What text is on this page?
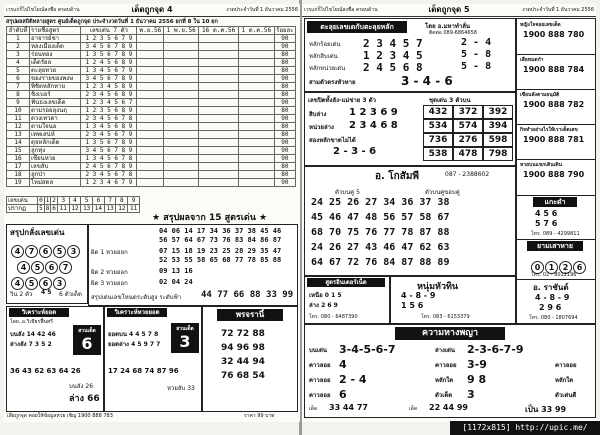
เวรแก่ก็ไปไขโยณ์ลงชื่อ ครอบด้าน	เด็ดถูกจุด 4	งวดประจำวันที่ 1 ธันวาคม 2556
สรุปผลสถิติหลายสูตร ศูนย์เด็ดถูกจุด ประจำงวดวันที่ 1 ธันวาคม 2556 ยกที่ 8 ใน 10 ยก
ลำดับที่	รายชื่อสูตร	เลขเด่น 7 ตัว	พ.ย.56	1 พ.ย.56	16 ต.ค.56	1 ต.ค.56	ร้อยละ
1	อาจารย์ชา	1 2 3 5 6 7 9					90
2	หลงเมืองเด็ด	3 4 5 6 7 8 9					90
3	ร่อนทอง	1 3 5 6 7 8 9					80
4	เด็ดรัยล	1 2 4 5 6 8 9					80
5	ตะลุยหวย	1 3 4 5 6 7 9					80
6	ของรายของพงษ	3 4 5 6 7 8 9					90
7	พิชิตหลักหาย	1 2 3 4 5 8 9					80
8	ชิงเบอร์	2 3 4 5 6 8 9					80
9	ฟันธงเลขเด็ด	1 2 3 4 5 6 7					90
10	ตามรอยลุงนฤ	1 2 3 5 6 8 9					80
11	ดวงเทวดา	2 3 4 5 6 7 8					90
12	ตามใจนอ	1 3 4 5 6 8 9					80
13	เทพเสน่ห์	2 3 4 5 6 7 9					80
14	ดุจหลักเด็ด	1 3 5 6 7 8 9					90
15	ลูกทุ่ง	3 4 5 6 7 8 9					90
16	เซียนหวย	1 3 4 5 6 7 8					90
17	เลขลับ	2 4 5 6 7 8 9					80
18	ลูกป่า	2 3 4 5 6 7 8					80
19	ไหม่สดล	1 2 3 4 6 7 9					90
เลขเด่น	0	1	2	3	4	5	6	7	8	9
ปรากฏ	5	8	6	11	12	13	14	13	12	11
★ สรุปผลจาก 15 สูตรเด่น ★
สรุปกลั่งเลขเด่น
4 7 6 5 3
4 5 6 7
4 5 6 3
วิน 2 ตัว 4 5 6 ตัวเด็ด
04 06 14 17 34 36 37 38 45 46
56 57 64 67 73 76 83 84 86 87
ผิด 1 หวยออก	07 15 18 19 23 25 28 29 35 47
52 53 55 58 65 68 77 78 85 88
ผิด 2 หวยออก	09 13 16
ผิด 3 หวยออก	02 04 24
สรุปเด่นเลขโหนดระดับสูง ระดับฟ้า 44 77 66 88 33 99
วิเคราะห์ยอด
โดย..อ.วิเชียรฟื้นศรี
บนลัง 14 42 46
ล่างลัง 7 3 5 2
36 43 62 63 64 26
สวนเด็ด
6
บนลัง 26
ล่าง 66
วิเคราะห์หวยยอด
ยอดบน 4 4 5 7 8
ยอดล่าง 4 5 9 7 7
17 24 68 74 87 96
สวนเด็ด
3
หวยลับ 33
พรจรานิ์
72 72 88
94 96 98
32 44 94
76 68 54
เลียถูกจุด คอยให้ข้อมูลหวย เชิญ 1900 888 783	ราคา 99 บาท
เวรแก่ก็ไปไขโยณ์ลงชื่อ ครอบด้าน	เด็ดถูกจุด 5	งวดประจำวันที่ 1 ธันวาคม 2556
ตะลุยเลขเดกับตะลุยหลัก	โดย อ.มหาทำลั่น
ติดต่อ 089-6864658
หลักร้อยเด่น 2 3 4 5 7	2 - 4
หลักสิบเด่น 1 2 3 4 5	5 - 8
หลักหน่วยเด่น 2 4 5 6 8	5 - 8
สามตัวตรงหัวหาย	3 - 4 - 6
เลขปิดทั้งลัง-แม่ข่าย 3 ตัว	ชุดเด่น 3 ตัวบน
สิบล่าง 1 2 3 6 9
หน่วยล่าง 2 3 4 6 8
สองหลักขาดไม่ได้
2 - 3 - 6
432	372	392
534	574	394
736	276	598
538	478	798
อ. โกสัมพี	087 - 2388602
ตัวบนคู่ 5	ตัวบนคู่ขอบคู่
24 25 26 27 34 36 37 38
45 46 47 48 56 57 58 67
68 70 75 76 77 78 87 88
24 26 27 43 46 47 62 63
64 67 72 76 84 87 88 89
สูตรอินเตอร์เน็ต
เหนือ 0 1 5
ล่าง 2 6 9
โทร. 080 - 6487390
หนุ่มหัวทิน
4 - 8 - 9
1 5 6
โทร. 083 - 6153379
หญิงใจจอยเลขเด็ด
1900 888 780
เสือหมดกำ
1900 888 784
เซียนลังตามอนุมัติ
1900 888 782
กิจทำอย่างไรให้เราเด็ดเลข
1900 888 781
หวยบนแขกเดินเดิน
1900 888 790
แกะดำ
4 5 6
5 7 6
โทร. 089 - 4299811
ยามเสาหาย
0 1 2 6
โทร. 02 - 8012196
อ. ราชันต์
4 - 8 - 9
2 9 6
โทร. 080 - 1807694
ความหางพญา
บนเด่น 3-4-5-6-7	ล่างเด่น 2-3-6-7-9
คาวลอย 4	คาวลอย 3-9	คาวลอย
คาวลอย 2 - 4	หลักใด 9 8	หลักใด
คาวลอย 6	ตัวเด็ด 3	ตัวเด่นดี
เด็ด 33 44 77	เด็ด 22 44 99	เป็น 33 99
[1172x815] http://upic.me/
